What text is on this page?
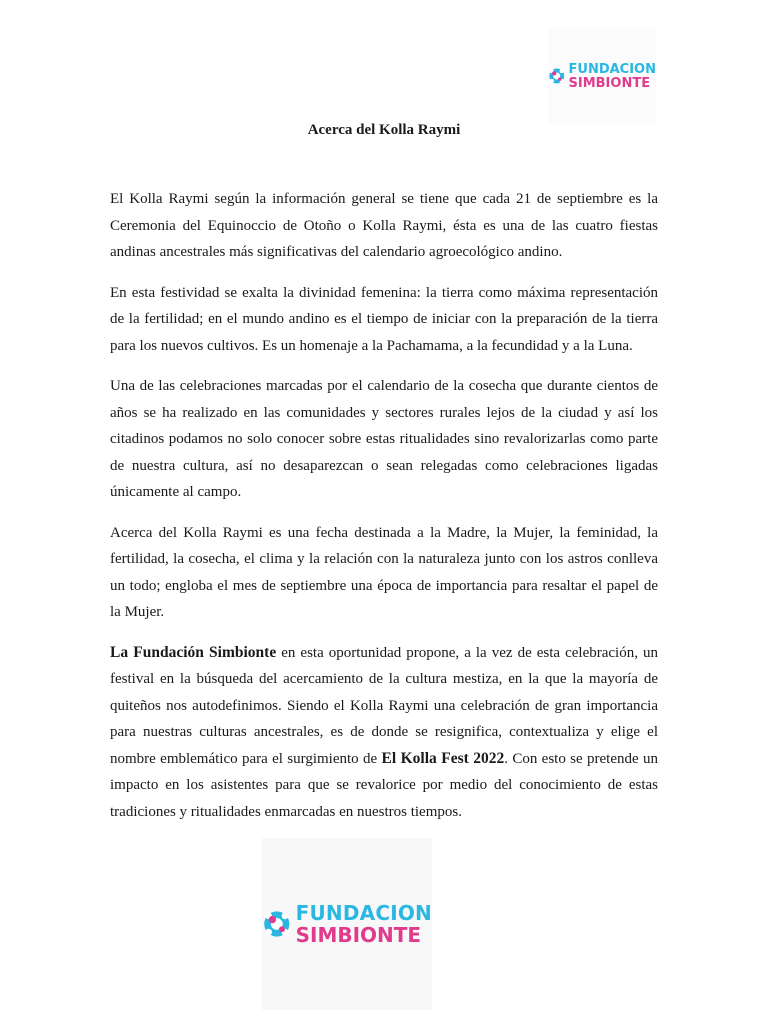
FUNDACION
SIMBIONTE
Acerca del Kolla Raymi

El Kolla Raymi según la información general se tiene que cada 21 de septiembre es la Ceremonia del Equinoccio de Otoño o Kolla Raymi, ésta es una de las cuatro fiestas andinas ancestrales más significativas del calendario agroecológico andino.

En esta festividad se exalta la divinidad femenina: la tierra como máxima representación de la fertilidad; en el mundo andino es el tiempo de iniciar con la preparación de la tierra para los nuevos cultivos. Es un homenaje a la Pachamama, a la fecundidad y a la Luna.

Una de las celebraciones marcadas por el calendario de la cosecha que durante cientos de años se ha realizado en las comunidades y sectores rurales lejos de la ciudad y así los citadinos podamos no solo conocer sobre estas ritualidades sino revalorizarlas como parte de nuestra cultura, así no desaparezcan o sean relegadas como celebraciones ligadas únicamente al campo.

Acerca del Kolla Raymi es una fecha destinada a la Madre, la Mujer, la feminidad, la fertilidad, la cosecha, el clima y la relación con la naturaleza junto con los astros conlleva un todo; engloba el mes de septiembre una época de importancia para resaltar el papel de la Mujer.

La Fundación Simbionte en esta oportunidad propone, a la vez de esta celebración, un festival en la búsqueda del acercamiento de la cultura mestiza, en la que la mayoría de quiteños nos autodefinimos. Siendo el Kolla Raymi una celebración de gran importancia para nuestras culturas ancestrales, es de donde se resignifica, contextualiza y elige el nombre emblemático para el surgimiento de El Kolla Fest 2022. Con esto se pretende un impacto en los asistentes para que se revalorice por medio del conocimiento de estas tradiciones y ritualidades enmarcadas en nuestros tiempos.

FUNDACION
SIMBIONTE
